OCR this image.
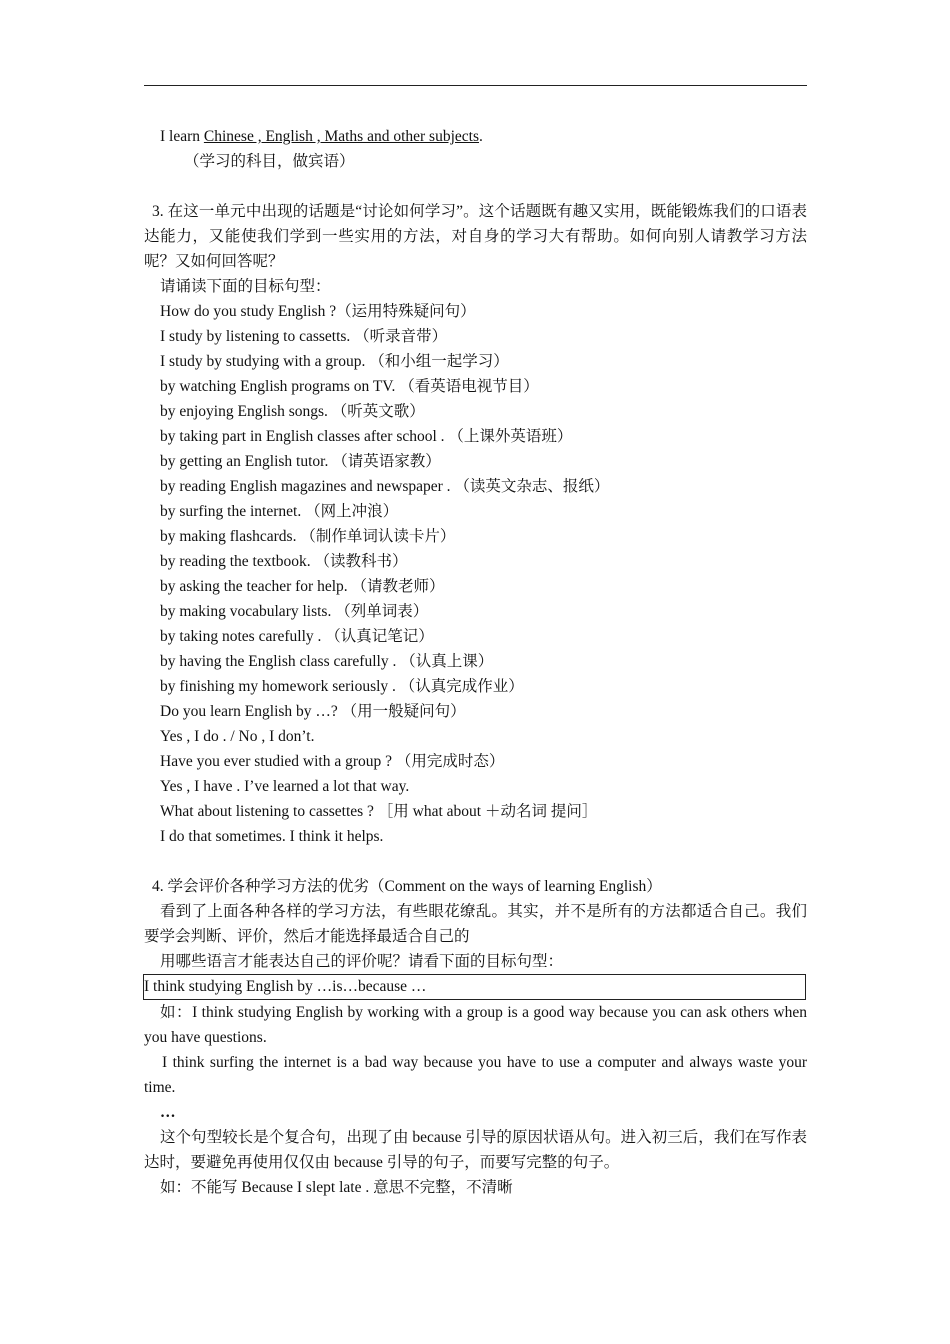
I learn Chinese , English , Maths and other subjects.
（学习的科目，做宾语）
3. 在这一单元中出现的话题是“讨论如何学习”。这个话题既有趣又实用，既能锻炼我们的口语表达能力，又能使我们学到一些实用的方法，对自身的学习大有帮助。如何向别人请教学习方法呢？又如何回答呢？
请诵读下面的目标句型：
How do you study English ?（运用特殊疑问句）
I study by listening to cassetts. （听录音带）
I study by studying with a group. （和小组一起学习）
by watching English programs on TV. （看英语电视节目）
by enjoying English songs. （听英文歌）
by taking part in English classes after school . （上课外英语班）
by getting an English tutor. （请英语家教）
by reading English magazines and newspaper . （读英文杂志、报纸）
by surfing the internet. （网上冲浪）
by making flashcards. （制作单词认读卡片）
by reading the textbook. （读教科书）
by asking the teacher for help. （请教老师）
by making vocabulary lists. （列单词表）
by taking notes carefully . （认真记笔记）
by having the English class carefully . （认真上课）
by finishing my homework seriously . （认真完成作业）
Do you learn English by …? （用一般疑问句）
Yes , I do . / No , I don’t.
Have you ever studied with a group ? （用完成时态）
Yes , I have . I’ve learned a lot that way.
What about listening to cassettes ? ［用 what about ＋动名词 提问］
I do that sometimes. I think it helps.
4. 学会评价各种学习方法的优劣（Comment on the ways of learning English）
看到了上面各种各样的学习方法，有些眼花缭乱。其实，并不是所有的方法都适合自己。我们要学会判断、评价，然后才能选择最适合自己的
用哪些语言才能表达自己的评价呢？请看下面的目标句型：
I think studying English by …is…because …
如：I think studying English by working with a group is a good way because you can ask others when you have questions.
I think surfing the internet is a bad way because you have to use a computer and always waste your time.
…
这个句型较长是个复合句，出现了由 because 引导的原因状语从句。进入初三后，我们在写作表达时，要避免再使用仅仅由 because 引导的句子，而要写完整的句子。
如：不能写 Because I slept late . 意思不完整，不清晰
